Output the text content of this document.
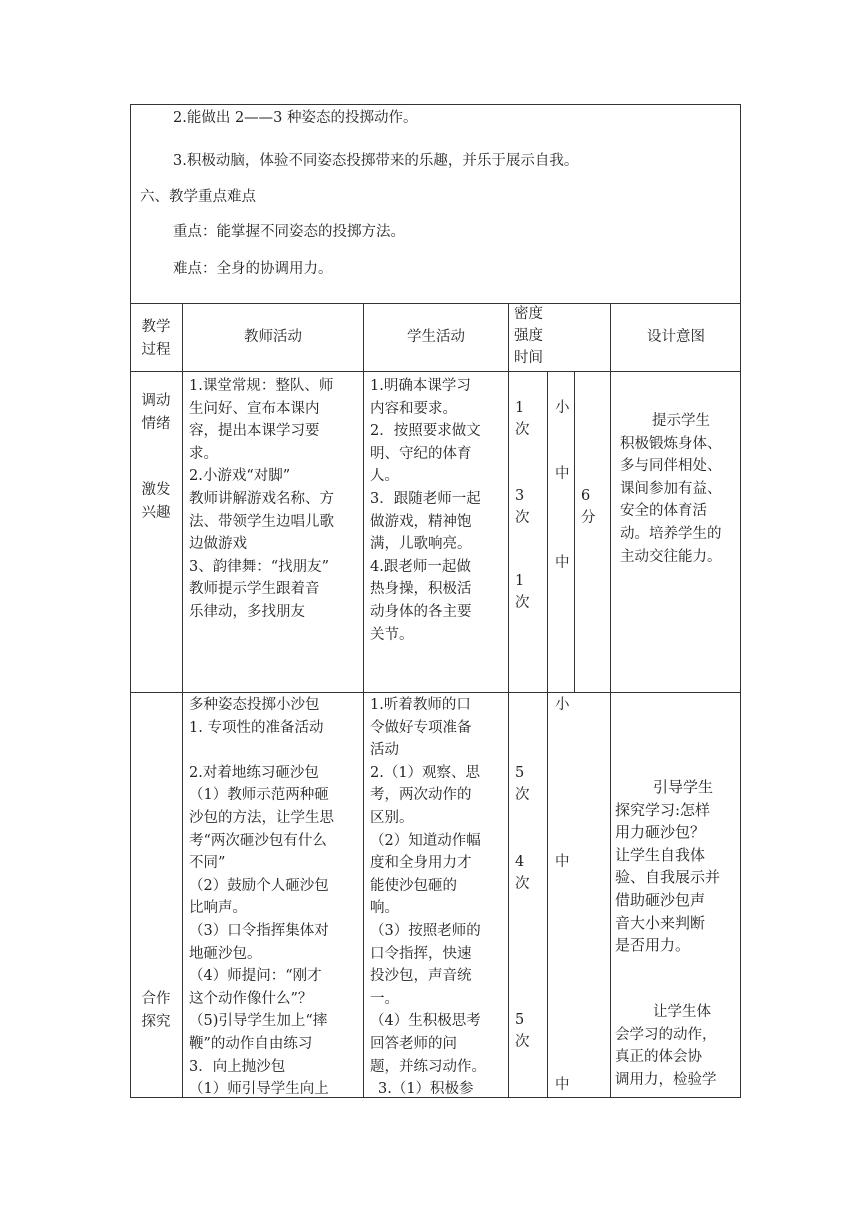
2.能做出 2——3 种姿态的投掷动作。
3.积极动脑，体验不同姿态投掷带来的乐趣，并乐于展示自我。
六、教学重点难点
重点：能掌握不同姿态的投掷方法。
难点：全身的协调用力。
教学
过程
教师活动	学生活动
密度
强度
时间
设计意图
调动
情绪
激发
兴趣
1.课堂常规：整队、师
生问好、宣布本课内
容，提出本课学习要
求。
2.小游戏“对脚”
教师讲解游戏名称、方
法、带领学生边唱儿歌
边做游戏
3、韵律舞：“找朋友”
教师提示学生跟着音
乐律动，多找朋友
1.明确本课学习
内容和要求。
2．按照要求做文
明、守纪的体育
人。
3．跟随老师一起
做游戏，精神饱
满，儿歌响亮。
4.跟老师一起做
热身操，积极活
动身体的各主要
关节。
1
次
3
次
1
次
小
中
中
6
分
提示学生
积极锻炼身体、
多与同伴相处、
课间参加有益、
安全的体育活
动。培养学生的
主动交往能力。
合作
探究
多种姿态投掷小沙包
1. 专项性的准备活动
2.对着地练习砸沙包
（1）教师示范两种砸
沙包的方法，让学生思
考“两次砸沙包有什么
不同”
（2）鼓励个人砸沙包
比响声。
（3）口令指挥集体对
地砸沙包。
（4）师提问：“刚才
这个动作像什么”？
（5)引导学生加上“摔
鞭”的动作自由练习
3．向上抛沙包
（1）师引导学生向上
1.听着教师的口
令做好专项准备
活动
2.（1）观察、思
考，两次动作的
区别。
（2）知道动作幅
度和全身用力才
能使沙包砸的
响。
（3）按照老师的
口令指挥，快速
投沙包，声音统
一。
（4）生积极思考
回答老师的问
题，并练习动作。
3.（1）积极参
5
次
4
次
5
次
小
中
中
引导学生
探究学习:怎样
用力砸沙包？
让学生自我体
验、自我展示并
借助砸沙包声
音大小来判断
是否用力。
让学生体
会学习的动作，
真正的体会协
调用力，检验学
